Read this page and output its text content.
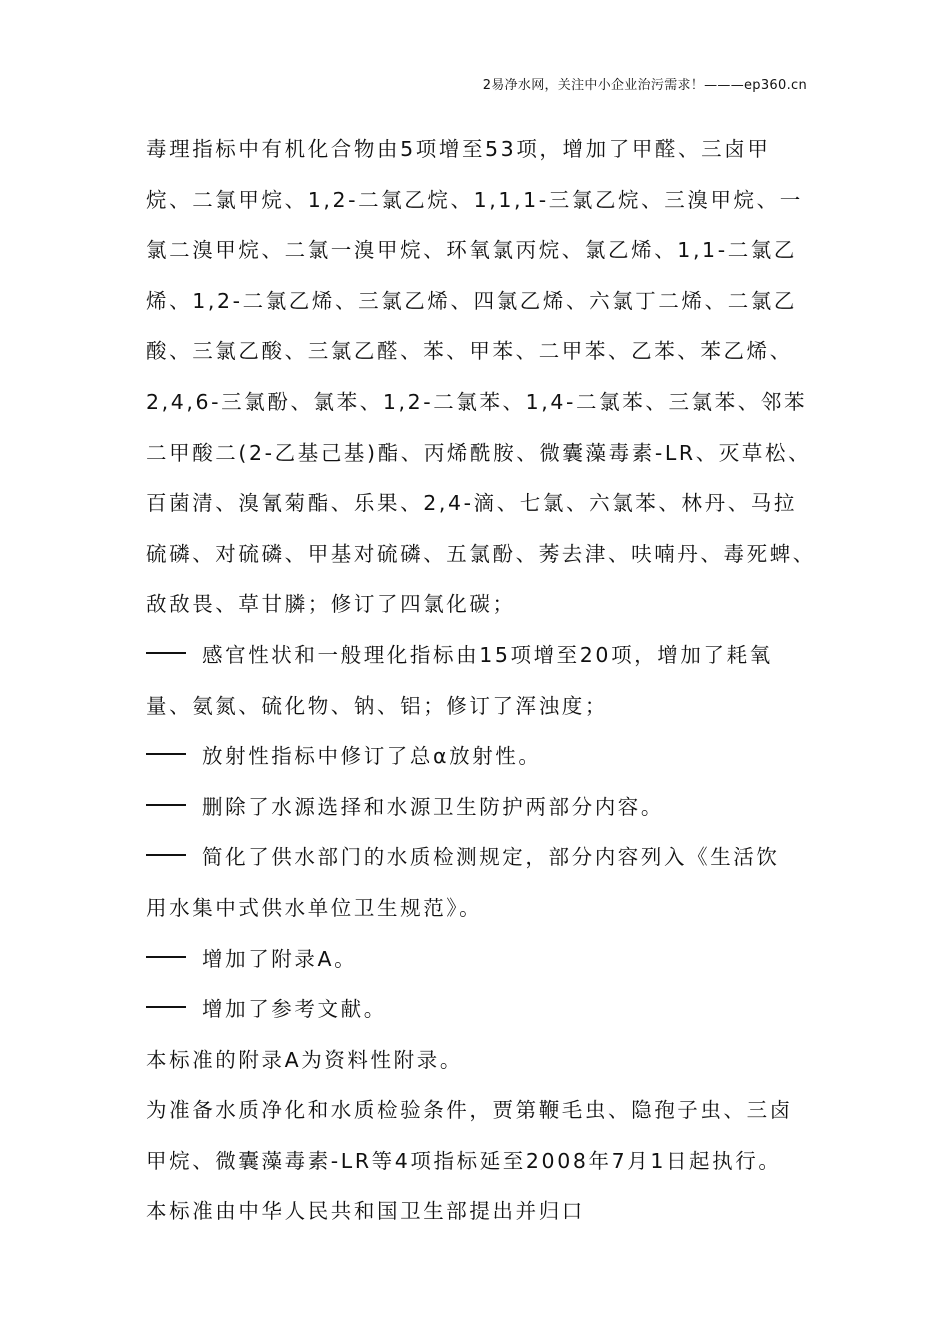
2易净水网，关注中小企业治污需求！———ep360.cn
毒理指标中有机化合物由5项增至53项，增加了甲醛、三卤甲
烷、二氯甲烷、1,2-二氯乙烷、1,1,1-三氯乙烷、三溴甲烷、一
氯二溴甲烷、二氯一溴甲烷、环氧氯丙烷、氯乙烯、1,1-二氯乙
烯、1,2-二氯乙烯、三氯乙烯、四氯乙烯、六氯丁二烯、二氯乙
酸、三氯乙酸、三氯乙醛、苯、甲苯、二甲苯、乙苯、苯乙烯、
2,4,6-三氯酚、氯苯、1,2-二氯苯、1,4-二氯苯、三氯苯、邻苯
二甲酸二(2-乙基己基)酯、丙烯酰胺、微囊藻毒素-LR、灭草松、
百菌清、溴氰菊酯、乐果、2,4-滴、七氯、六氯苯、林丹、马拉
硫磷、对硫磷、甲基对硫磷、五氯酚、莠去津、呋喃丹、毒死蜱、
敌敌畏、草甘膦；修订了四氯化碳；
感官性状和一般理化指标由15项增至20项，增加了耗氧
量、氨氮、硫化物、钠、铝；修订了浑浊度；
放射性指标中修订了总α放射性。
删除了水源选择和水源卫生防护两部分内容。
简化了供水部门的水质检测规定，部分内容列入《生活饮
用水集中式供水单位卫生规范》。
增加了附录A。
增加了参考文献。
本标准的附录A为资料性附录。
为准备水质净化和水质检验条件，贾第鞭毛虫、隐孢子虫、三卤
甲烷、微囊藻毒素-LR等4项指标延至2008年7月1日起执行。
本标准由中华人民共和国卫生部提出并归口
